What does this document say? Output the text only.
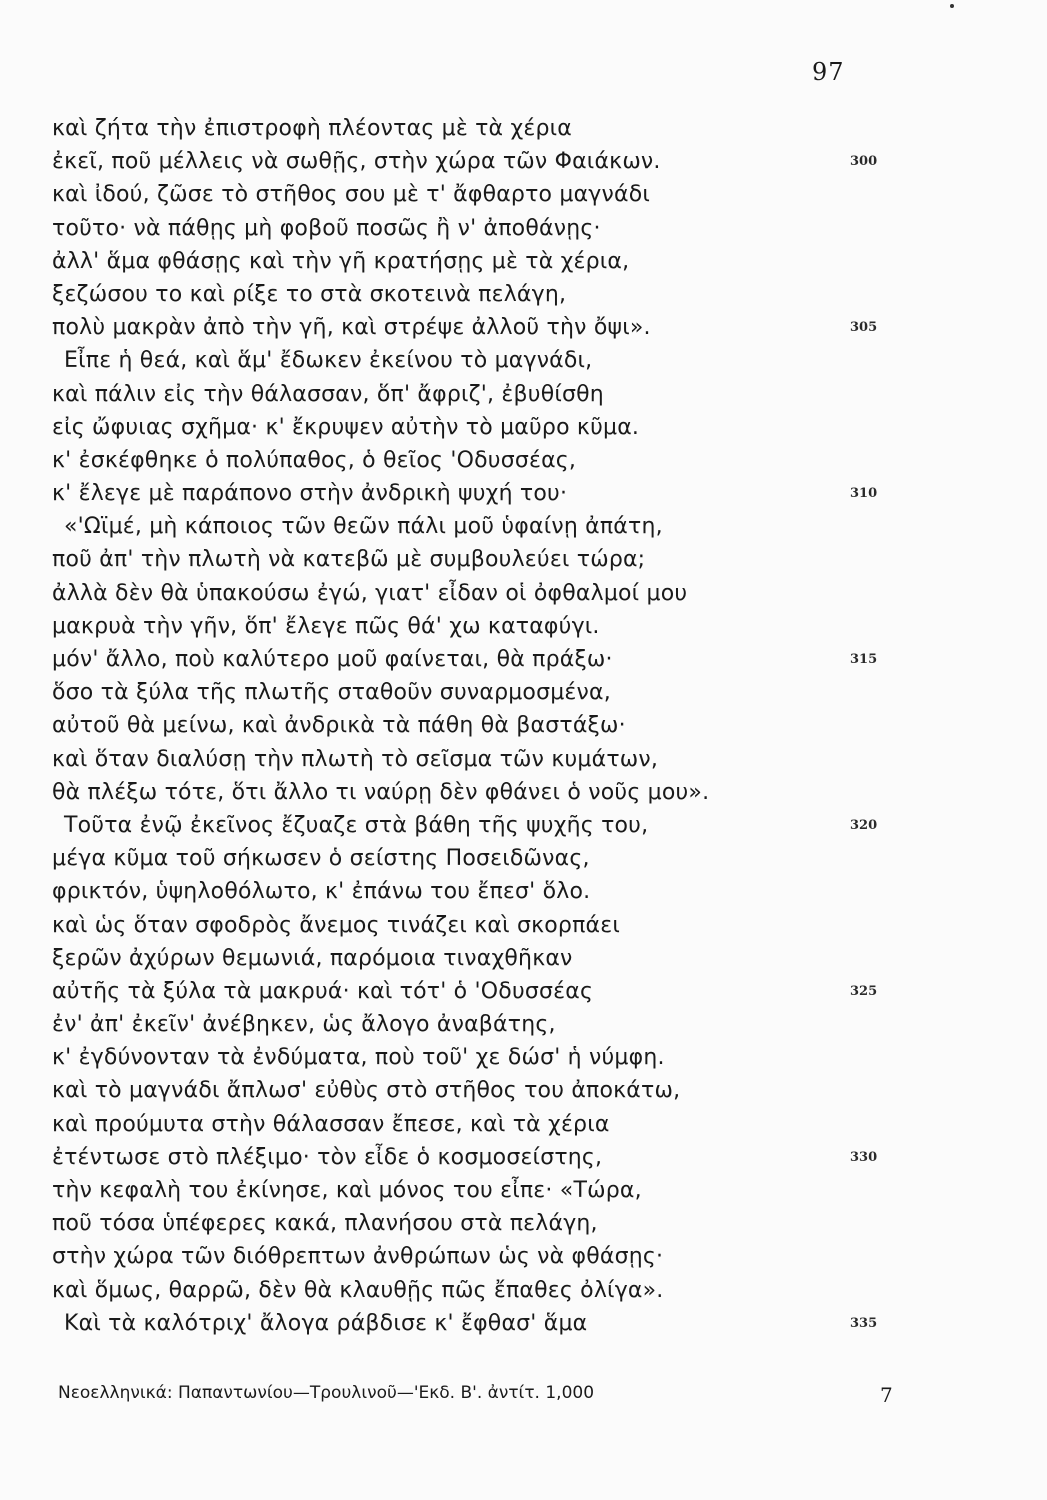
97
καὶ ζήτα τὴν ἐπιστροφὴ πλέοντας μὲ τὰ χέρια
ἐκεῖ, ποῦ μέλλεις νὰ σωθῇς, στὴν χώρα τῶν Φαιάκων.	300
καὶ ἰδού, ζῶσε τὸ στῆθος σου μὲ τ' ἄφθαρτο μαγνάδι
τοῦτο· νὰ πάθῃς μὴ φοβοῦ ποσῶς ἢ ν' ἀποθάνῃς·
ἀλλ' ἅμα φθάσῃς καὶ τὴν γῆ κρατήσῃς μὲ τὰ χέρια,
ξεζώσου το καὶ ρίξε το στὰ σκοτεινὰ πελάγη,
πολὺ μακρὰν ἀπὸ τὴν γῆ, καὶ στρέψε ἀλλοῦ τὴν ὄψι».	305
Εἶπε ἡ θεά, καὶ ἅμ' ἔδωκεν ἐκείνου τὸ μαγνάδι,
καὶ πάλιν εἰς τὴν θάλασσαν, ὅπ' ἄφριζ', ἐβυθίσθη
εἰς ὤφυιας σχῆμα· κ' ἔκρυψεν αὐτὴν τὸ μαῦρο κῦμα.
κ' ἐσκέφθηκε ὁ πολύπαθος, ὁ θεῖος 'Οδυσσέας,
κ' ἔλεγε μὲ παράπονο στὴν ἀνδρικὴ ψυχή του·	310
«'Ωϊμέ, μὴ κάποιος τῶν θεῶν πάλι μοῦ ὑφαίνῃ ἀπάτη,
ποῦ ἀπ' τὴν πλωτὴ νὰ κατεβῶ μὲ συμβουλεύει τώρα;
ἀλλὰ δὲν θὰ ὑπακούσω ἐγώ, γιατ' εἶδαν οἱ ὀφθαλμοί μου
μακρυὰ τὴν γῆν, ὅπ' ἔλεγε πῶς θά' χω καταφύγι.
μόν' ἄλλο, ποὺ καλύτερο μοῦ φαίνεται, θὰ πράξω·	315
ὅσο τὰ ξύλα τῆς πλωτῆς σταθοῦν συναρμοσμένα,
αὐτοῦ θὰ μείνω, καὶ ἀνδρικὰ τὰ πάθη θὰ βαστάξω·
καὶ ὅταν διαλύσῃ τὴν πλωτὴ τὸ σεῖσμα τῶν κυμάτων,
θὰ πλέξω τότε, ὅτι ἄλλο τι ναύρῃ δὲν φθάνει ὁ νοῦς μου».
Τοῦτα ἐνῷ ἐκεῖνος ἔζυαζε στὰ βάθη τῆς ψυχῆς του,	320
μέγα κῦμα τοῦ σήκωσεν ὁ σείστης Ποσειδῶνας,
φρικτόν, ὑψηλοθόλωτο, κ' ἐπάνω του ἔπεσ' ὅλο.
καὶ ὡς ὅταν σφοδρὸς ἄνεμος τινάζει καὶ σκορπάει
ξερῶν ἀχύρων θεμωνιά, παρόμοια τιναχθῆκαν
αὐτῆς τὰ ξύλα τὰ μακρυά· καὶ τότ' ὁ 'Οδυσσέας	325
ἐν' ἀπ' ἐκεῖν' ἀνέβηκεν, ὡς ἄλογο ἀναβάτης,
κ' ἐγδύνονταν τὰ ἐνδύματα, ποὺ τοῦ' χε δώσ' ἡ νύμφη.
καὶ τὸ μαγνάδι ἄπλωσ' εὐθὺς στὸ στῆθος του ἀποκάτω,
καὶ προύμυτα στὴν θάλασσαν ἔπεσε, καὶ τὰ χέρια
ἐτέντωσε στὸ πλέξιμο· τὸν εἶδε ὁ κοσμοσείστης,	330
τὴν κεφαλὴ του ἐκίνησε, καὶ μόνος του εἶπε· «Τώρα,
ποῦ τόσα ὑπέφερες κακά, πλανήσου στὰ πελάγη,
στὴν χώρα τῶν διόθρεπτων ἀνθρώπων ὡς νὰ φθάσῃς·
καὶ ὅμως, θαρρῶ, δὲν θὰ κλαυθῇς πῶς ἔπαθες ὀλίγα».
Καὶ τὰ καλότριχ' ἄλογα ράβδισε κ' ἔφθασ' ἅμα	335
Νεοελληνικά: Παπαντωνίου—Τρουλινοῦ—'Εκδ. Β'. ἀντίτ. 1,000	7
